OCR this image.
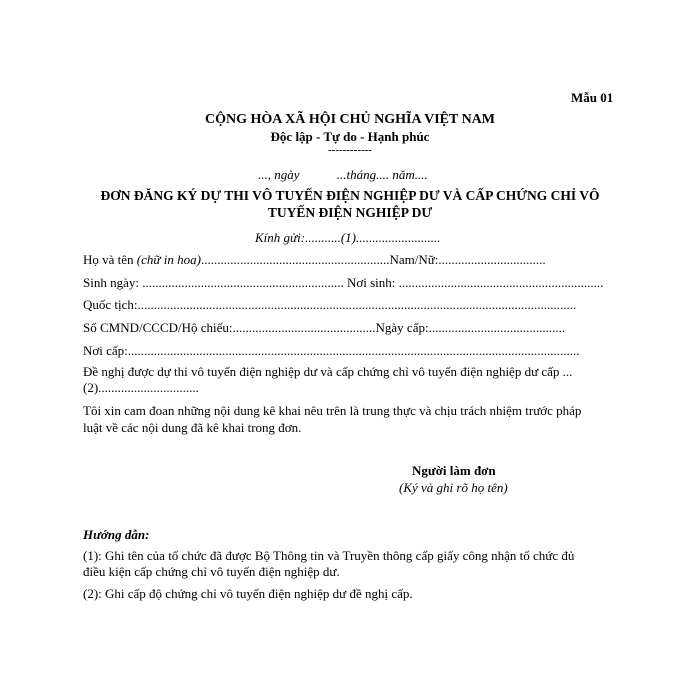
Mẫu 01
CỘNG HÒA XÃ HỘI CHỦ NGHĨA VIỆT NAM
Độc lập - Tự do - Hạnh phúc
------------
..., ngày	...tháng.... năm....
ĐƠN ĐĂNG KÝ DỰ THI VÔ TUYẾN ĐIỆN NGHIỆP DƯ VÀ CẤP CHỨNG CHỈ VÔ
TUYẾN ĐIỆN NGHIỆP DƯ
Kính gửi:...........(1)..........................
Họ và tên (chữ in hoa)..........................................................Nam/Nữ:.................................
Sinh ngày: .............................................................. Nơi sinh: ...............................................................
Quốc tịch:.......................................................................................................................................
Số CMND/CCCD/Hộ chiếu:............................................Ngày cấp:..........................................
Nơi cấp:...........................................................................................................................................
Đề nghị được dự thi vô tuyến điện nghiệp dư và cấp chứng chỉ vô tuyến điện nghiệp dư cấp ...
(2)...............................
Tôi xin cam đoan những nội dung kê khai nêu trên là trung thực và chịu trách nhiệm trước pháp
luật về các nội dung đã kê khai trong đơn.
Người làm đơn
(Ký và ghi rõ họ tên)
Hướng dẫn:
(1): Ghi tên của tổ chức đã được Bộ Thông tin và Truyền thông cấp giấy công nhận tổ chức đủ
điều kiện cấp chứng chỉ vô tuyến điện nghiệp dư.
(2): Ghi cấp độ chứng chỉ vô tuyến điện nghiệp dư đề nghị cấp.
